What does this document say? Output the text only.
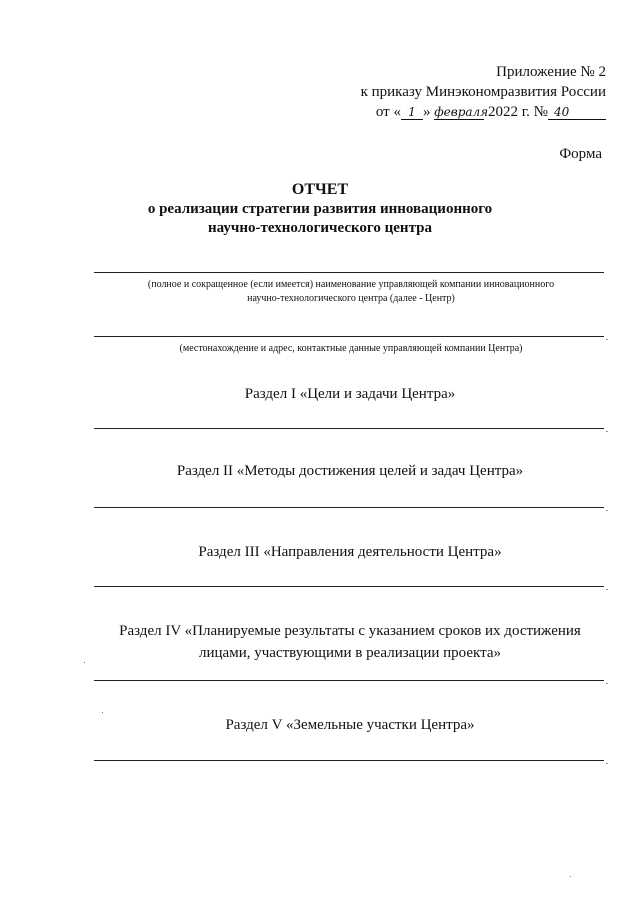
Приложение № 2
к приказу Минэкономразвития России
от « 1 » февраля 2022 г. № 40
Форма
ОТЧЕТ
о реализации стратегии развития инновационного
научно-технологического центра
(полное и сокращенное (если имеется) наименование управляющей компании инновационного
научно-технологического центра (далее - Центр)
.
(местонахождение и адрес, контактные данные управляющей компании Центра)
Раздел I «Цели и задачи Центра»
.
Раздел II «Методы достижения целей и задач Центра»
.
Раздел III «Направления деятельности Центра»
.
Раздел IV «Планируемые результаты с указанием сроков их достижения
лицами, участвующими в реализации проекта»
.
Раздел V «Земельные участки Центра»
.
